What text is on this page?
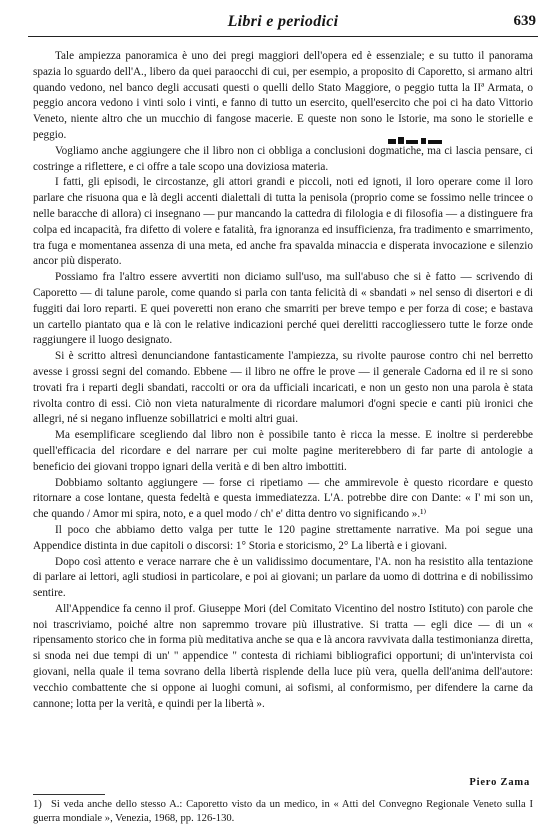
Libri e periodici	639

Tale ampiezza panoramica è uno dei pregi maggiori dell'opera ed è essenziale; e su tutto il panorama spazia lo sguardo dell'A., libero da quei paraocchi di cui, per esempio, a proposito di Caporetto, si armano altri quando vedono, nel banco degli accusati questi o quelli dello Stato Maggiore, o peggio tutta la IIª Armata, o peggio ancora vedono i vinti solo i vinti, e fanno di tutto un esercito, quell'esercito che poi ci ha dato Vittorio Veneto, niente altro che un mucchio di fangose macerie. E queste non sono le Istorie, ma sono le storielle e peggio.

Vogliamo anche aggiungere che il libro non ci obbliga a conclusioni dogmatiche, ma ci lascia pensare, ci costringe a riflettere, e ci offre a tale scopo una doviziosa materia.

I fatti, gli episodi, le circostanze, gli attori grandi e piccoli, noti ed ignoti, il loro operare come il loro parlare che risuona qua e là degli accenti dialettali di tutta la penisola (proprio come se fossimo nelle trincee o nelle baracche di allora) ci insegnano — pur mancando la cattedra di filologia e di filosofia — a distinguere fra colpa ed incapacità, fra difetto di volere e fatalità, fra ignoranza ed insufficienza, fra tradimento e smarrimento, tra fuga e momentanea assenza di una meta, ed anche fra spavalda minaccia e disperata invocazione e silenzio ancor più disperato.

Possiamo fra l'altro essere avvertiti non diciamo sull'uso, ma sull'abuso che si è fatto — scrivendo di Caporetto — di talune parole, come quando si parla con tanta felicità di « sbandati » nel senso di disertori e di fuggiti dai loro reparti. E quei poveretti non erano che smarriti per breve tempo e per forza di cose; e bastava un cartello piantato qua e là con le relative indicazioni perché quei derelitti raccogliessero tutte le forze onde raggiungere il luogo designato.

Si è scritto altresì denunciandone fantasticamente l'ampiezza, su rivolte paurose contro chi nel berretto avesse i grossi segni del comando. Ebbene — il libro ne offre le prove — il generale Cadorna ed il re si sono trovati fra i reparti degli sbandati, raccolti or ora da ufficiali incaricati, e non un gesto non una parola è stata rivolta contro di essi. Ciò non vieta naturalmente di ricordare malumori d'ogni specie e canti più ironici che allegri, né si negano influenze sobillatrici e molti altri guai.

Ma esemplificare scegliendo dal libro non è possibile tanto è ricca la messe. E inoltre si perderebbe quell'efficacia del ricordare e del narrare per cui molte pagine meriterebbero di far parte di antologie a beneficio dei giovani troppo ignari della verità e di ben altro imbottiti.

Dobbiamo soltanto aggiungere — forse ci ripetiamo — che ammirevole è questo ricordare e questo ritornare a cose lontane, questa fedeltà e questa immediatezza. L'A. potrebbe dire con Dante: « I' mi son un, che quando / Amor mi spira, noto, e a quel modo / ch' e' ditta dentro vo significando ».¹⁾

Il poco che abbiamo detto valga per tutte le 120 pagine strettamente narrative. Ma poi segue una Appendice distinta in due capitoli o discorsi: 1° Storia e storicismo, 2° La libertà e i giovani.

Dopo così attento e verace narrare che è un validissimo documentare, l'A. non ha resistito alla tentazione di parlare ai lettori, agli studiosi in particolare, e poi ai giovani; un parlare da uomo di dottrina e di nobilissimo sentire.

All'Appendice fa cenno il prof. Giuseppe Mori (del Comitato Vicentino del nostro Istituto) con parole che noi trascriviamo, poiché altre non sapremmo trovare più illustrative. Si tratta — egli dice — di un « ripensamento storico che in forma più meditativa anche se qua e là ancora ravvivata dalla testimonianza diretta, si snoda nei due tempi di un' " appendice " contesta di richiami bibliografici opportuni; di un'intervista coi giovani, nella quale il tema sovrano della libertà risplende della luce più vera, quella dell'anima dell'autore: vecchio combattente che si oppone ai luoghi comuni, ai sofismi, al conformismo, per difendere la carne da cannone; lotta per la verità, e quindi per la libertà ».

Piero Zama
1) Si veda anche dello stesso A.: Caporetto visto da un medico, in « Atti del Convegno Regionale Veneto sulla I guerra mondiale », Venezia, 1968, pp. 126-130.
